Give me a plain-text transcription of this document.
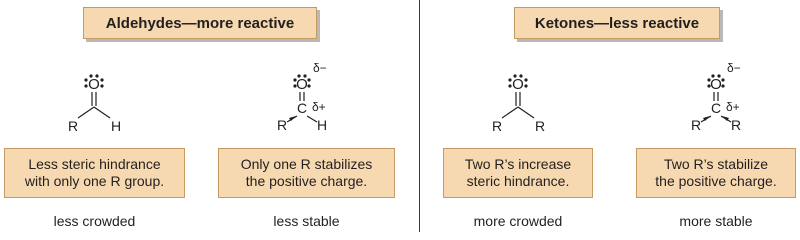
Aldehydes—more reactive	Ketones—less reactive
O
R H
O
δ−
C δ+
R H
O
R R
O
δ−
C δ+
R R
Less steric hindrance
with only one R group.
Only one R stabilizes
the positive charge.
Two R’s increase
steric hindrance.
Two R’s stabilize
the positive charge.
less crowded	less stable	more crowded	more stable
